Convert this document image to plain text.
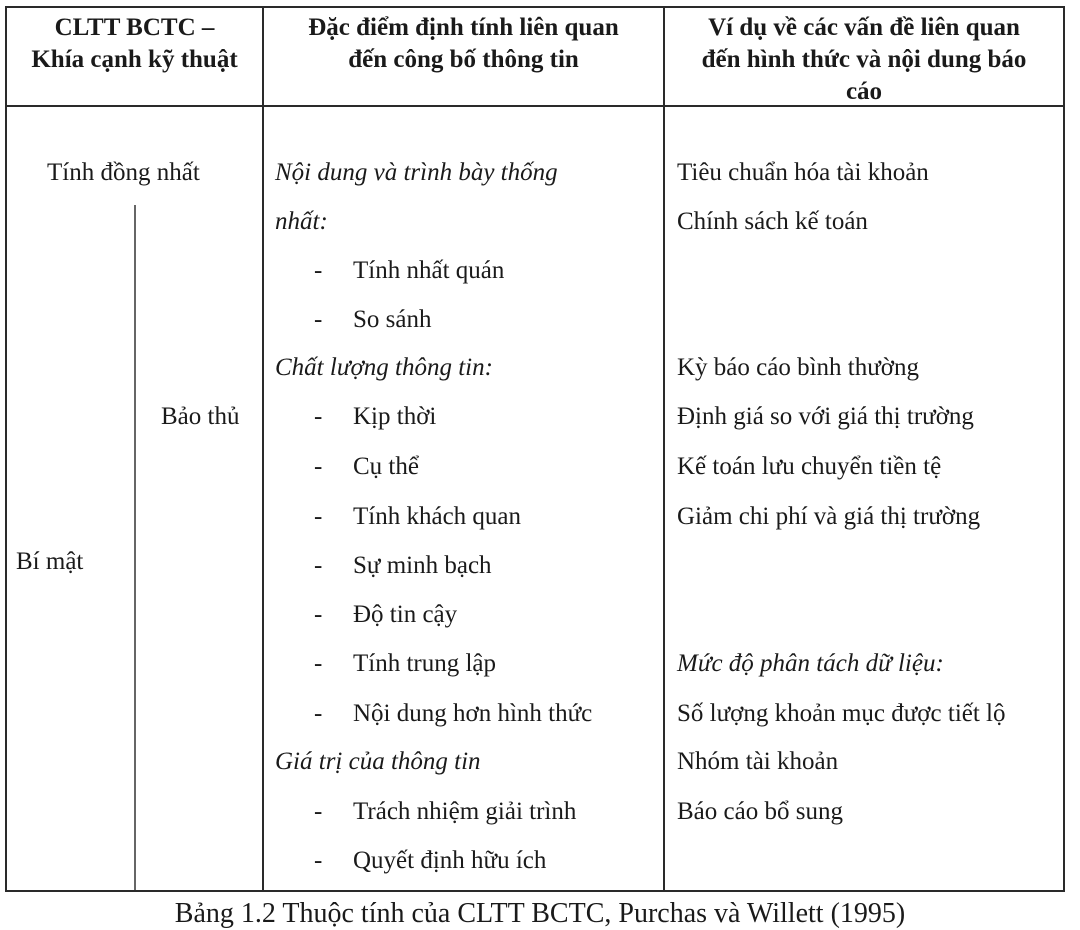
CLTT BCTC –
Khía cạnh kỹ thuật
Đặc điểm định tính liên quan
đến công bố thông tin
Ví dụ về các vấn đề liên quan
đến hình thức và nội dung báo
cáo
Tính đồng nhất
Bảo thủ
Bí mật
Nội dung và trình bày thống
nhất:
- Tính nhất quán
- So sánh
Chất lượng thông tin:
- Kịp thời
- Cụ thể
- Tính khách quan
- Sự minh bạch
- Độ tin cậy
- Tính trung lập
- Nội dung hơn hình thức
Giá trị của thông tin
- Trách nhiệm giải trình
- Quyết định hữu ích
Tiêu chuẩn hóa tài khoản
Chính sách kế toán
Kỳ báo cáo bình thường
Định giá so với giá thị trường
Kế toán lưu chuyển tiền tệ
Giảm chi phí và giá thị trường
Mức độ phân tách dữ liệu:
Số lượng khoản mục được tiết lộ
Nhóm tài khoản
Báo cáo bổ sung
Bảng 1.2 Thuộc tính của CLTT BCTC, Purchas và Willett (1995)
